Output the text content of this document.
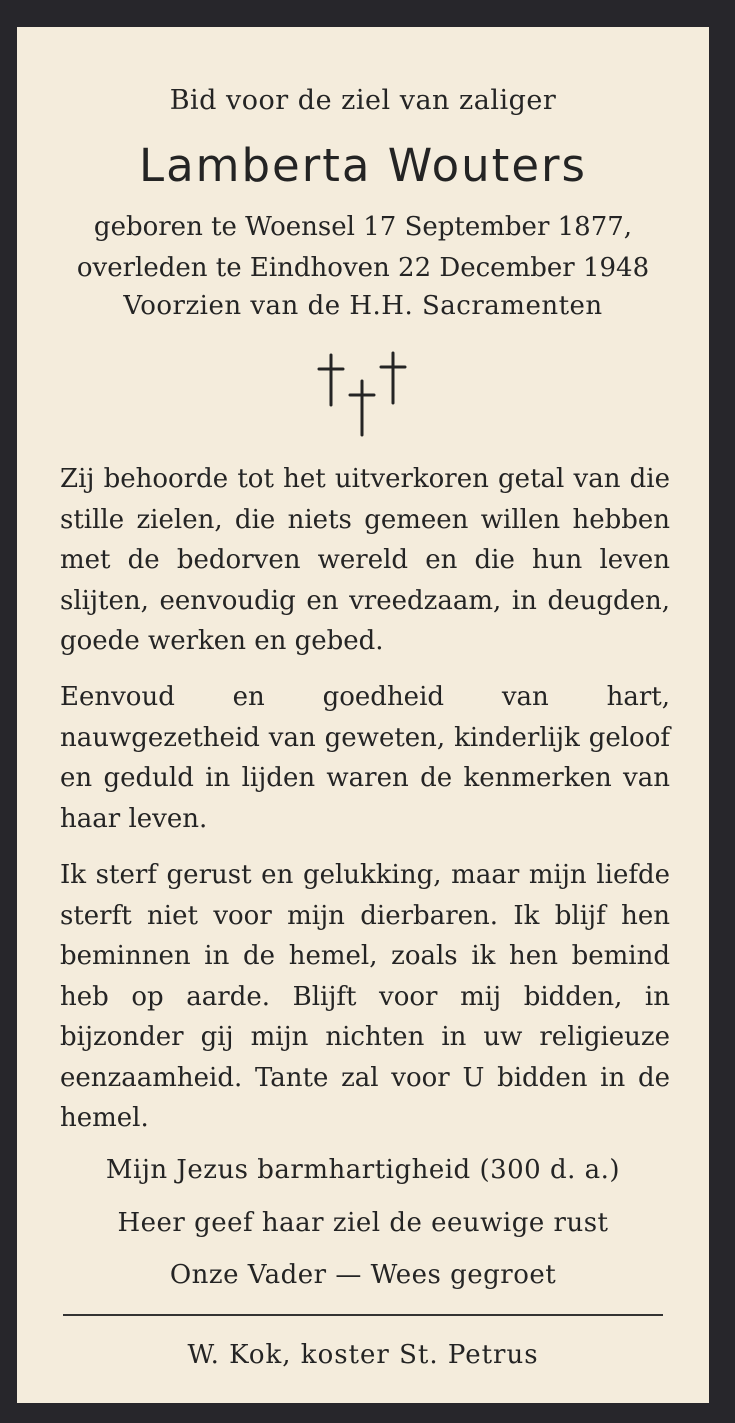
Bid voor de ziel van zaliger
Lamberta Wouters
geboren te Woensel 17 September 1877,
overleden te Eindhoven 22 December 1948
Voorzien van de H.H. Sacramenten

Zij behoorde tot het uitverkoren getal van die stille zielen, die niets gemeen willen hebben met de bedorven wereld en die hun leven slijten, eenvoudig en vreedzaam, in deugden, goede werken en gebed.

Eenvoud en goedheid van hart, nauwgezetheid van geweten, kinderlijk geloof en geduld in lijden waren de kenmerken van haar leven.

Ik sterf gerust en gelukking, maar mijn liefde sterft niet voor mijn dierbaren. Ik blijf hen beminnen in de hemel, zoals ik hen bemind heb op aarde. Blijft voor mij bidden, in bijzonder gij mijn nichten in uw religieuze eenzaamheid. Tante zal voor U bidden in de hemel.

Mijn Jezus barmhartigheid (300 d. a.)
Heer geef haar ziel de eeuwige rust
Onze Vader — Wees gegroet
W. Kok, koster St. Petrus
